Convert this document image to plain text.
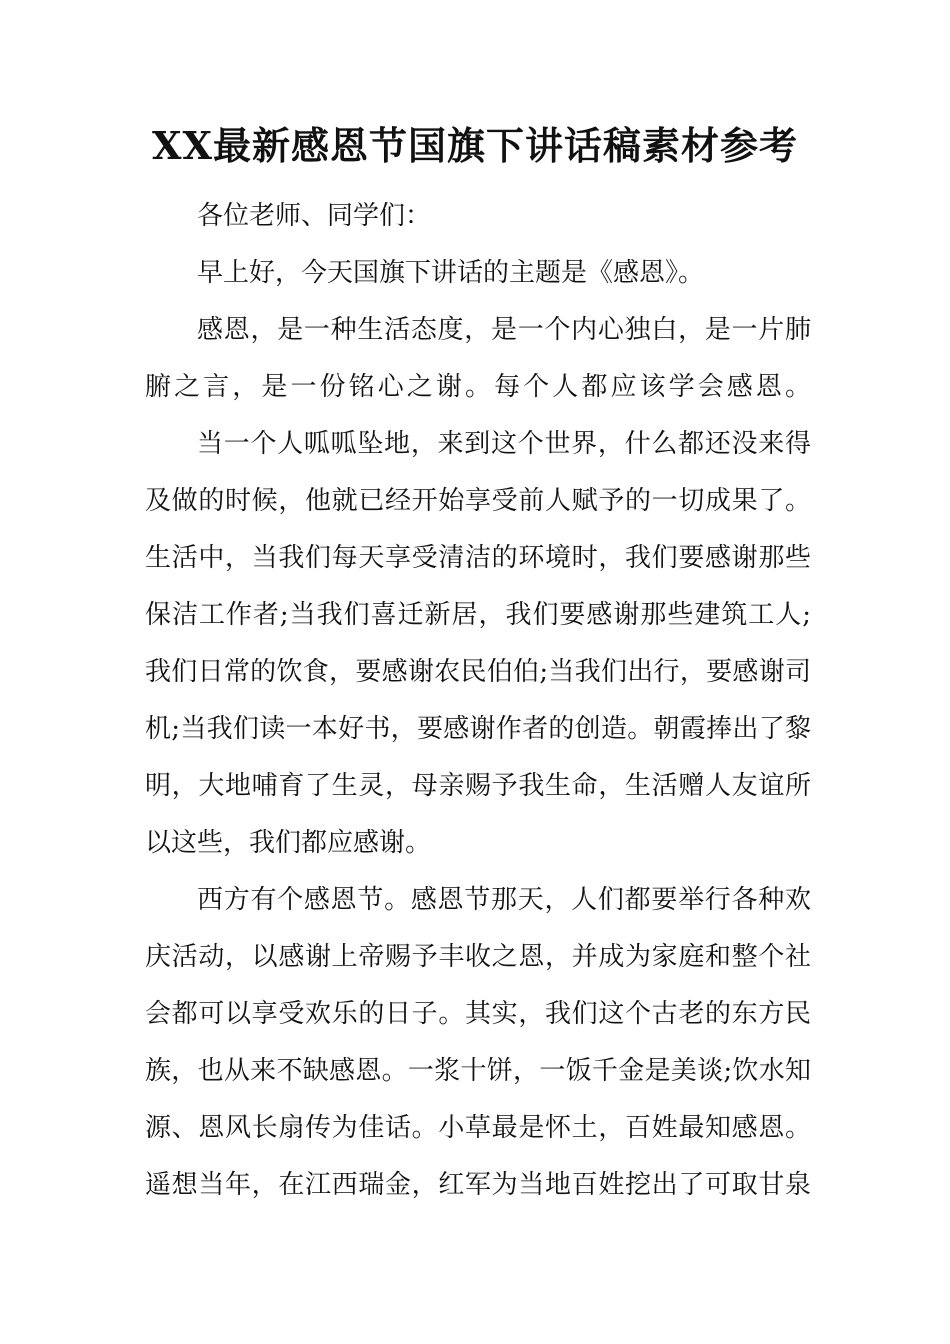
XX最新感恩节国旗下讲话稿素材参考
各位老师、同学们：
早上好，今天国旗下讲话的主题是《感恩》。
感恩，是一种生活态度，是一个内心独白，是一片肺
腑之言，是一份铭心之谢。每个人都应该学会感恩。
当一个人呱呱坠地，来到这个世界，什么都还没来得
及做的时候，他就已经开始享受前人赋予的一切成果了。
生活中，当我们每天享受清洁的环境时，我们要感谢那些
保洁工作者;当我们喜迁新居，我们要感谢那些建筑工人;
我们日常的饮食，要感谢农民伯伯;当我们出行，要感谢司
机;当我们读一本好书，要感谢作者的创造。朝霞捧出了黎
明，大地哺育了生灵，母亲赐予我生命，生活赠人友谊所
以这些，我们都应感谢。
西方有个感恩节。感恩节那天，人们都要举行各种欢
庆活动，以感谢上帝赐予丰收之恩，并成为家庭和整个社
会都可以享受欢乐的日子。其实，我们这个古老的东方民
族，也从来不缺感恩。一浆十饼，一饭千金是美谈;饮水知
源、恩风长扇传为佳话。小草最是怀土，百姓最知感恩。
遥想当年，在江西瑞金，红军为当地百姓挖出了可取甘泉
